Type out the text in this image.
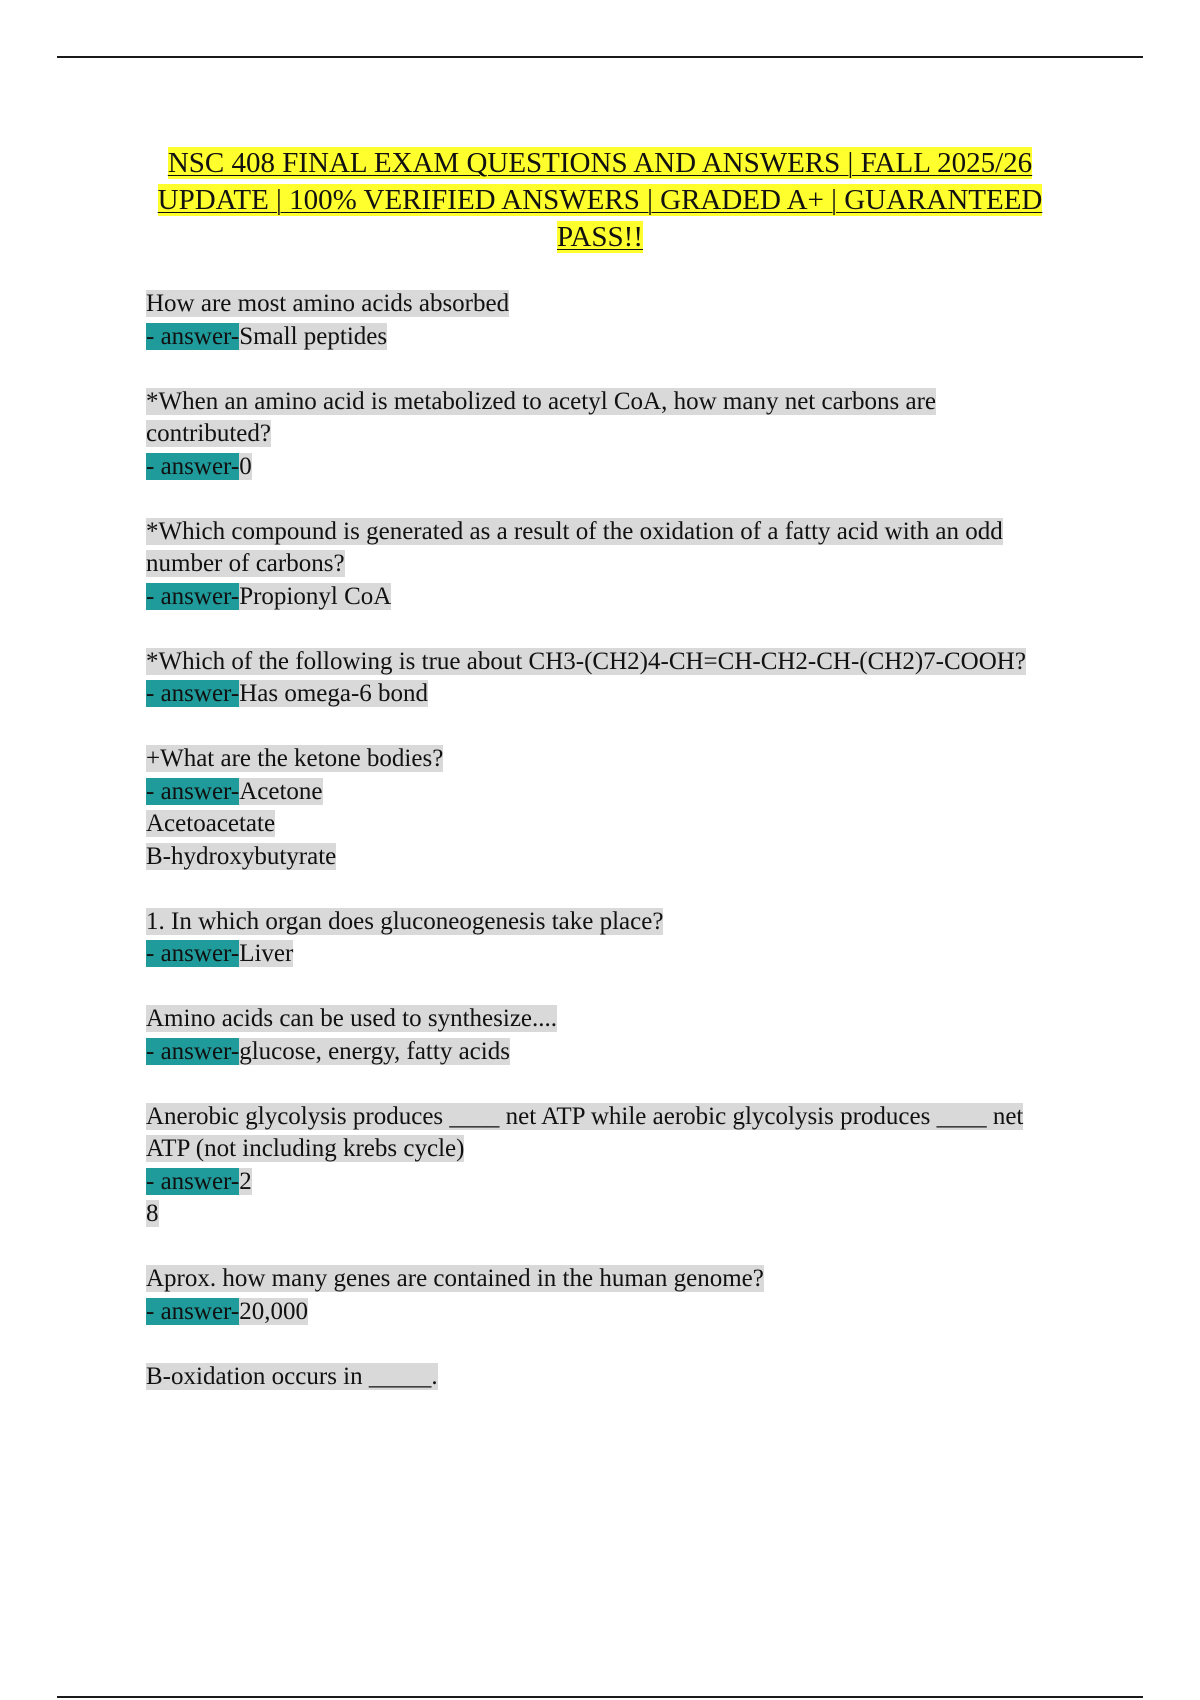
NSC 408 FINAL EXAM QUESTIONS AND ANSWERS | FALL 2025/26 UPDATE | 100% VERIFIED ANSWERS | GRADED A+ | GUARANTEED PASS!!
How are most amino acids absorbed
- answer-Small peptides
*When an amino acid is metabolized to acetyl CoA, how many net carbons are contributed?
- answer-0
*Which compound is generated as a result of the oxidation of a fatty acid with an odd number of carbons?
- answer-Propionyl CoA
*Which of the following is true about CH3-(CH2)4-CH=CH-CH2-CH-(CH2)7-COOH?
- answer-Has omega-6 bond
+What are the ketone bodies?
- answer-Acetone
Acetoacetate
B-hydroxybutyrate
1. In which organ does gluconeogenesis take place?
- answer-Liver
Amino acids can be used to synthesize....
- answer-glucose, energy, fatty acids
Anerobic glycolysis produces ____ net ATP while aerobic glycolysis produces ____ net ATP (not including krebs cycle)
- answer-2
8
Aprox. how many genes are contained in the human genome?
- answer-20,000
B-oxidation occurs in _____.
